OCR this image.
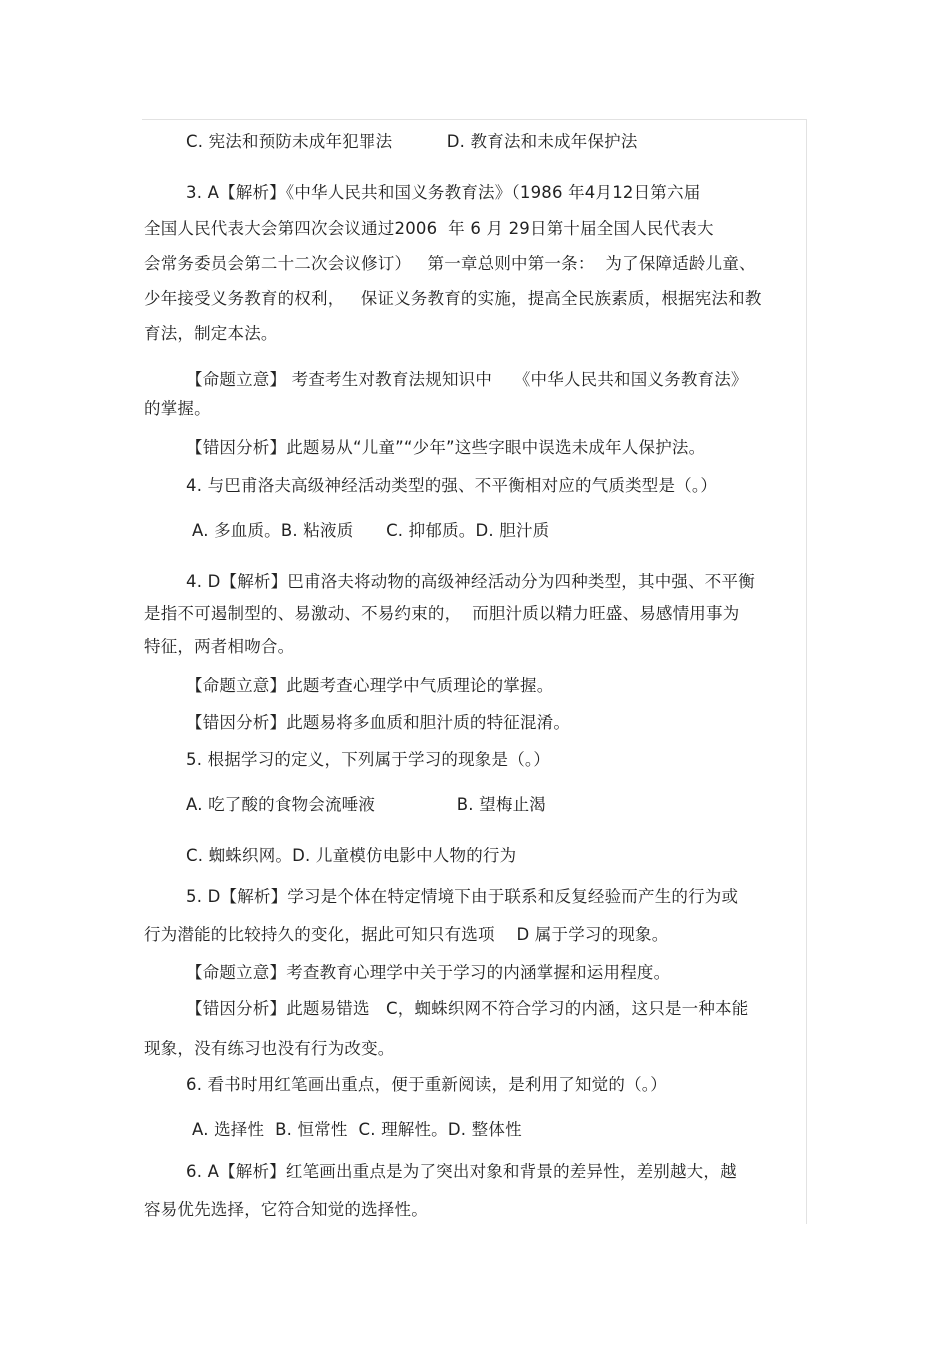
C. 宪法和预防未成年犯罪法          D. 教育法和未成年保护法
3. A【解析】《中华人民共和国义务教育法》（1986 年4月12日第六届
全国人民代表大会第四次会议通过2006  年 6 月 29日第十届全国人民代表大
会常务委员会第二十二次会议修订）   第一章总则中第一条：  为了保障适龄儿童、
少年接受义务教育的权利，   保证义务教育的实施，提高全民族素质，根据宪法和教
育法，制定本法。
【命题立意】 考查考生对教育法规知识中    《中华人民共和国义务教育法》
的掌握。
【错因分析】此题易从“儿童”“少年”这些字眼中误选未成年人保护法。
4. 与巴甫洛夫高级神经活动类型的强、不平衡相对应的气质类型是（。）
A. 多血质。B. 粘液质      C. 抑郁质。D. 胆汁质
4. D【解析】巴甫洛夫将动物的高级神经活动分为四种类型，其中强、不平衡
是指不可遏制型的、易激动、不易约束的，  而胆汁质以精力旺盛、易感情用事为
特征，两者相吻合。
【命题立意】此题考查心理学中气质理论的掌握。
【错因分析】此题易将多血质和胆汁质的特征混淆。
5. 根据学习的定义，下列属于学习的现象是（。）
A. 吃了酸的食物会流唾液               B. 望梅止渴
C. 蜘蛛织网。D. 儿童模仿电影中人物的行为
5. D【解析】学习是个体在特定情境下由于联系和反复经验而产生的行为或
行为潜能的比较持久的变化，据此可知只有选项    D 属于学习的现象。
【命题立意】考查教育心理学中关于学习的内涵掌握和运用程度。
【错因分析】此题易错选   C，蜘蛛织网不符合学习的内涵，这只是一种本能
现象，没有练习也没有行为改变。
6. 看书时用红笔画出重点，便于重新阅读，是利用了知觉的（。）
A. 选择性  B. 恒常性  C. 理解性。D. 整体性
6. A【解析】红笔画出重点是为了突出对象和背景的差异性，差别越大，越
容易优先选择，它符合知觉的选择性。
